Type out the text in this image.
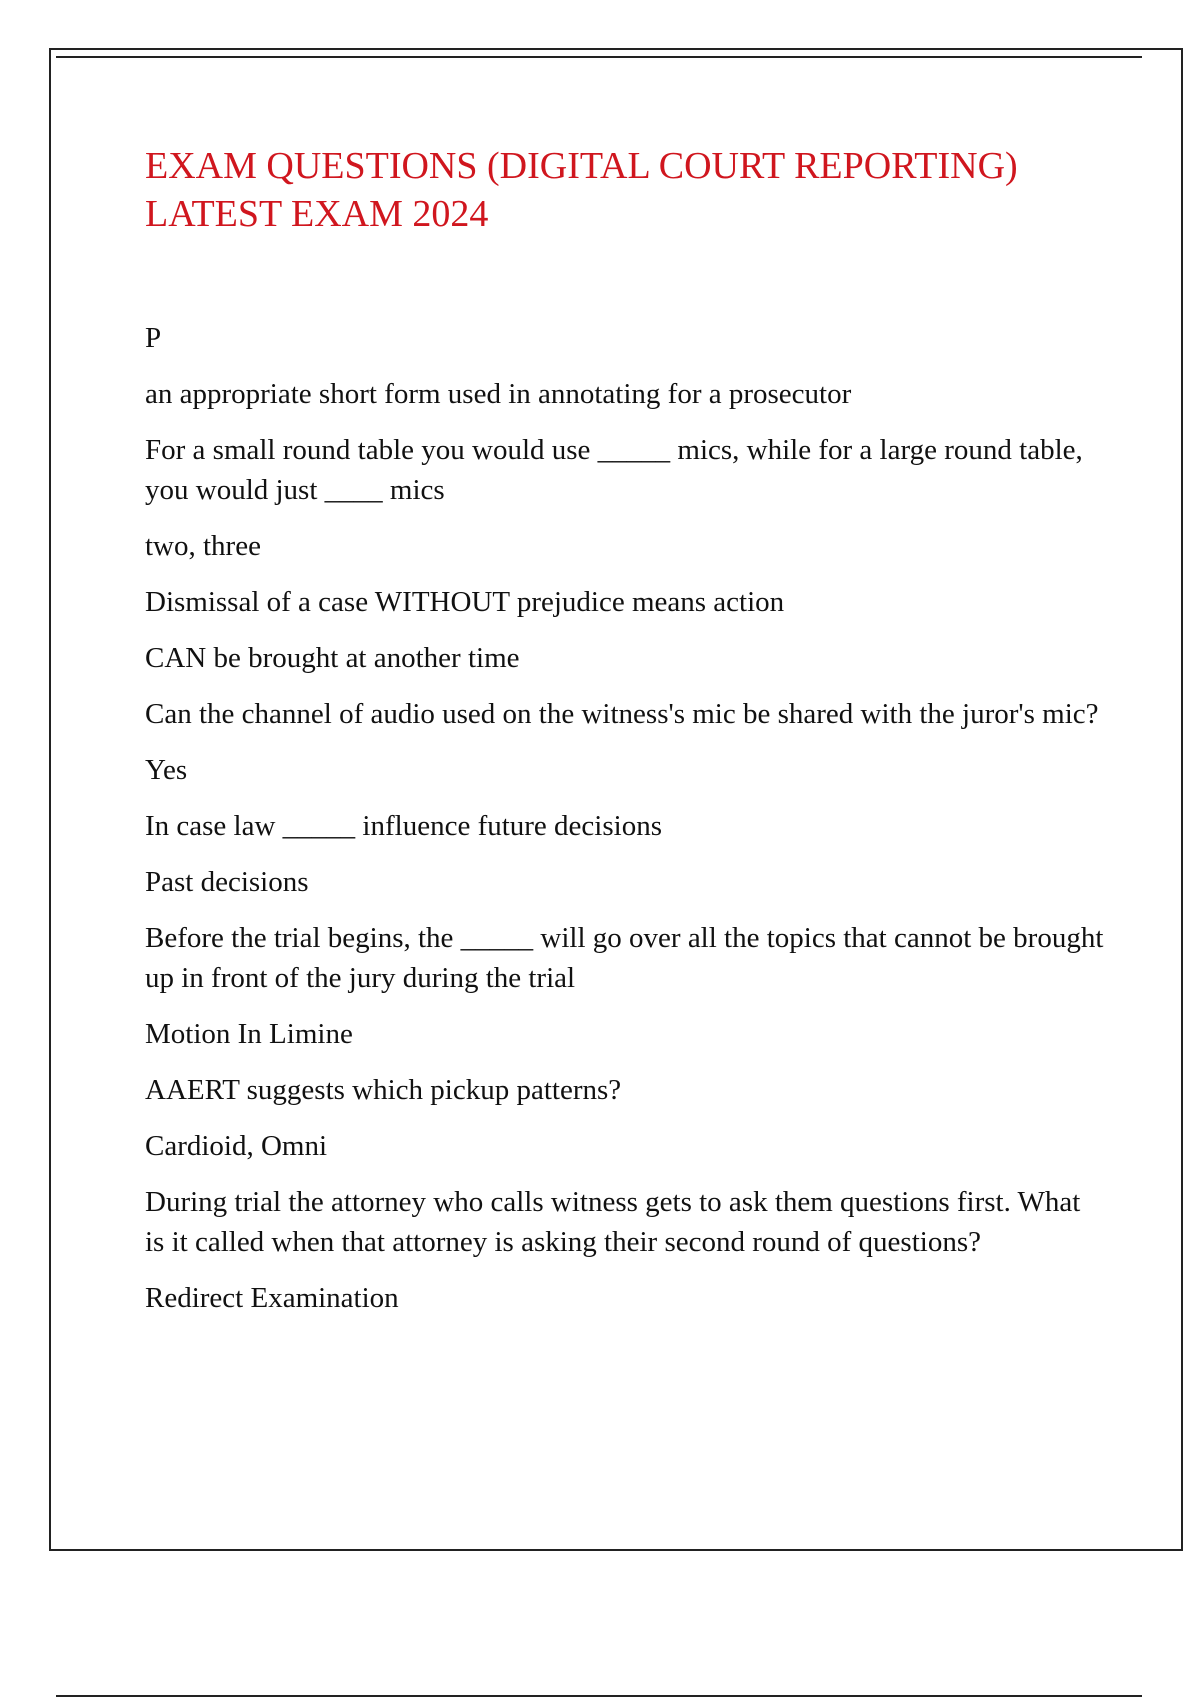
EXAM QUESTIONS (DIGITAL COURT REPORTING)
LATEST EXAM 2024

P

an appropriate short form used in annotating for a prosecutor

For a small round table you would use _____ mics, while for a large round table, you would just ____ mics

two, three

Dismissal of a case WITHOUT prejudice means action

CAN be brought at another time

Can the channel of audio used on the witness's mic be shared with the juror's mic?

Yes

In case law _____ influence future decisions

Past decisions

Before the trial begins, the _____ will go over all the topics that cannot be brought up in front of the jury during the trial

Motion In Limine

AAERT suggests which pickup patterns?

Cardioid, Omni

During trial the attorney who calls witness gets to ask them questions first. What is it called when that attorney is asking their second round of questions?

Redirect Examination
